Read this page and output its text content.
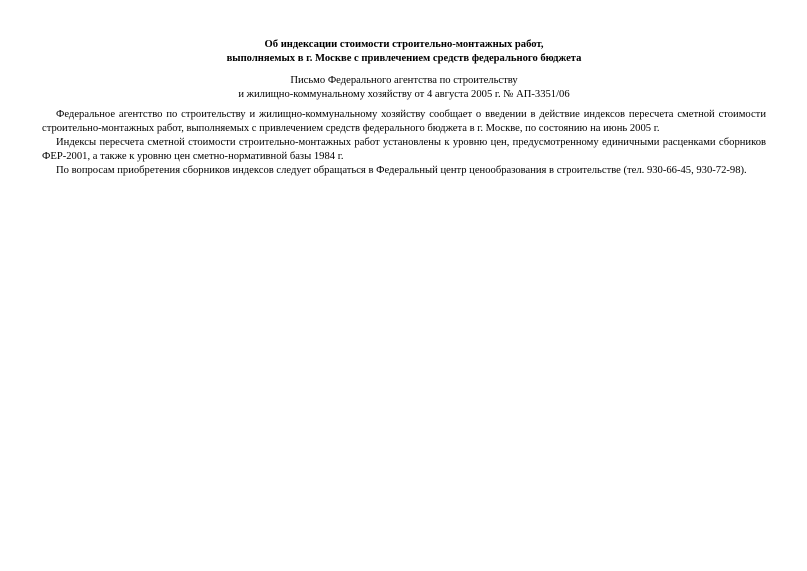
Об индексации стоимости строительно-монтажных работ,
выполняемых в г. Москве с привлечением средств федерального бюджета
Письмо Федерального агентства по строительству
и жилищно-коммунальному хозяйству от 4 августа 2005 г. № АП-3351/06

Федеральное агентство по строительству и жилищно-коммунальному хозяйству сообщает о введении в действие индексов пересчета сметной стоимости строительно-монтажных работ, выполняемых с привлечением средств федерального бюджета в г. Москве, по состоянию на июнь 2005 г.

Индексы пересчета сметной стоимости строительно-монтажных работ установлены к уровню цен, предусмотренному единичными расценками сборников ФЕР-2001, а также к уровню цен сметно-нормативной базы 1984 г.

По вопросам приобретения сборников индексов следует обращаться в Федеральный центр ценообразования в строительстве (тел. 930-66-45, 930-72-98).
